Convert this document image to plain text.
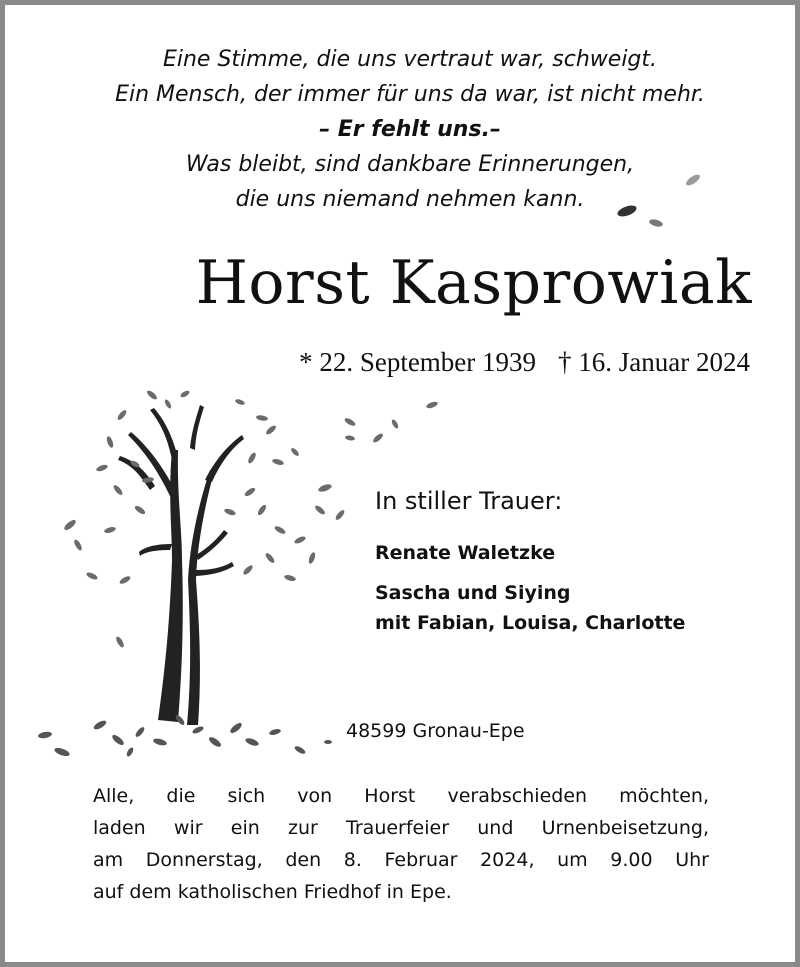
Eine Stimme, die uns vertraut war, schweigt.
Ein Mensch, der immer für uns da war, ist nicht mehr.
– Er fehlt uns.–
Was bleibt, sind dankbare Erinnerungen,
die uns niemand nehmen kann.
Horst Kasprowiak
* 22. September 1939 † 16. Januar 2024
In stiller Trauer:
Renate Waletzke
Sascha und Siying
mit Fabian, Louisa, Charlotte
48599 Gronau-Epe
Alle, die sich von Horst verabschieden möchten,
laden wir ein zur Trauerfeier und Urnenbeisetzung,
am Donnerstag, den 8. Februar 2024, um 9.00 Uhr
auf dem katholischen Friedhof in Epe.
